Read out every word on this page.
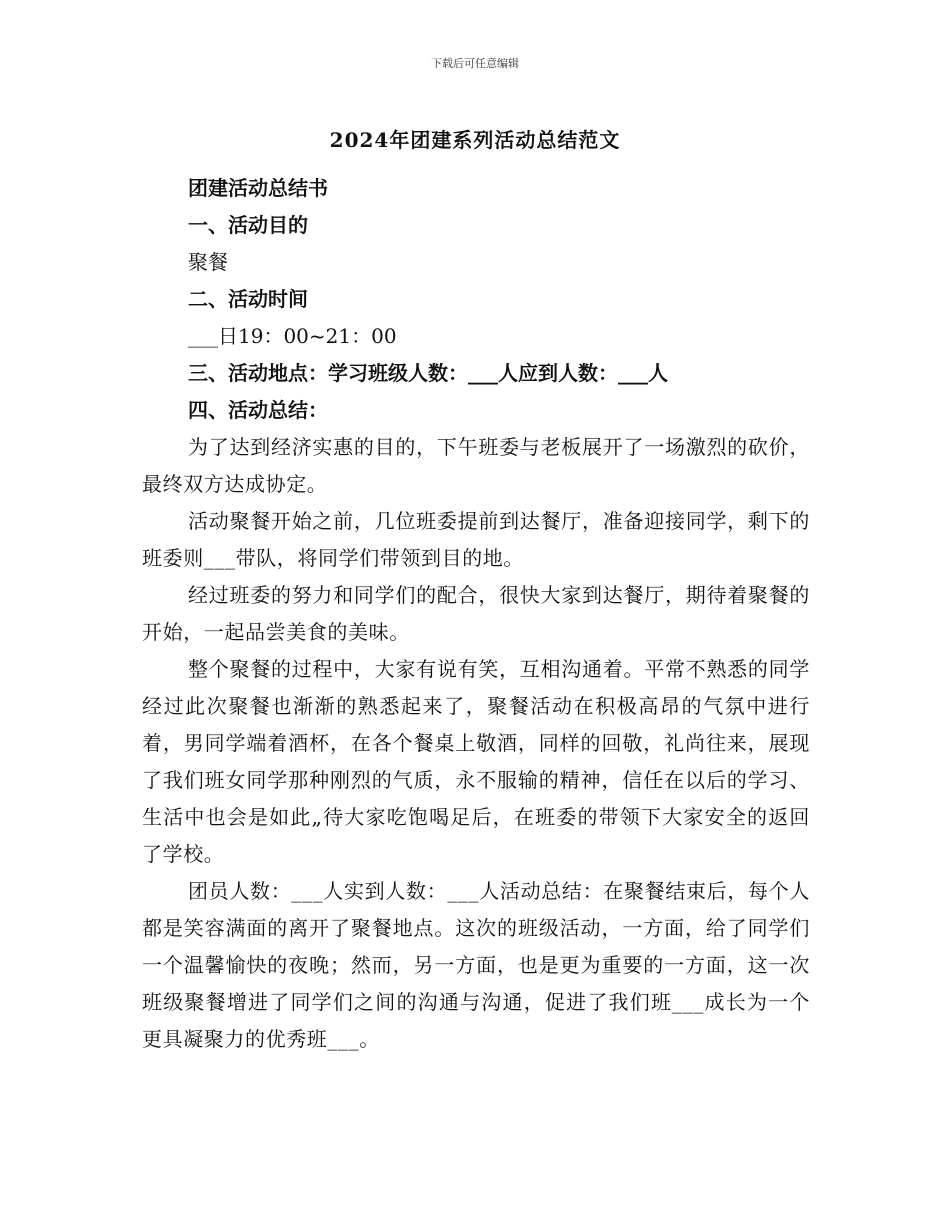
下载后可任意编辑
2024年团建系列活动总结范文

团建活动总结书

一、活动目的

聚餐

二、活动时间

___日19：00~21：00

三、活动地点：学习班级人数：___人应到人数：___人

四、活动总结：

为了达到经济实惠的目的，下午班委与老板展开了一场激烈的砍价，最终双方达成协定。

活动聚餐开始之前，几位班委提前到达餐厅，准备迎接同学，剩下的班委则___带队，将同学们带领到目的地。

经过班委的努力和同学们的配合，很快大家到达餐厅，期待着聚餐的开始，一起品尝美食的美味。

整个聚餐的过程中，大家有说有笑，互相沟通着。平常不熟悉的同学经过此次聚餐也渐渐的熟悉起来了，聚餐活动在积极高昂的气氛中进行着，男同学端着酒杯，在各个餐桌上敬酒，同样的回敬，礼尚往来，展现了我们班女同学那种刚烈的气质，永不服输的精神，信任在以后的学习、生活中也会是如此„待大家吃饱喝足后，在班委的带领下大家安全的返回了学校。

团员人数：___人实到人数：___人活动总结：在聚餐结束后，每个人都是笑容满面的离开了聚餐地点。这次的班级活动，一方面，给了同学们一个温馨愉快的夜晚；然而，另一方面，也是更为重要的一方面，这一次班级聚餐增进了同学们之间的沟通与沟通，促进了我们班___成长为一个更具凝聚力的优秀班___。
